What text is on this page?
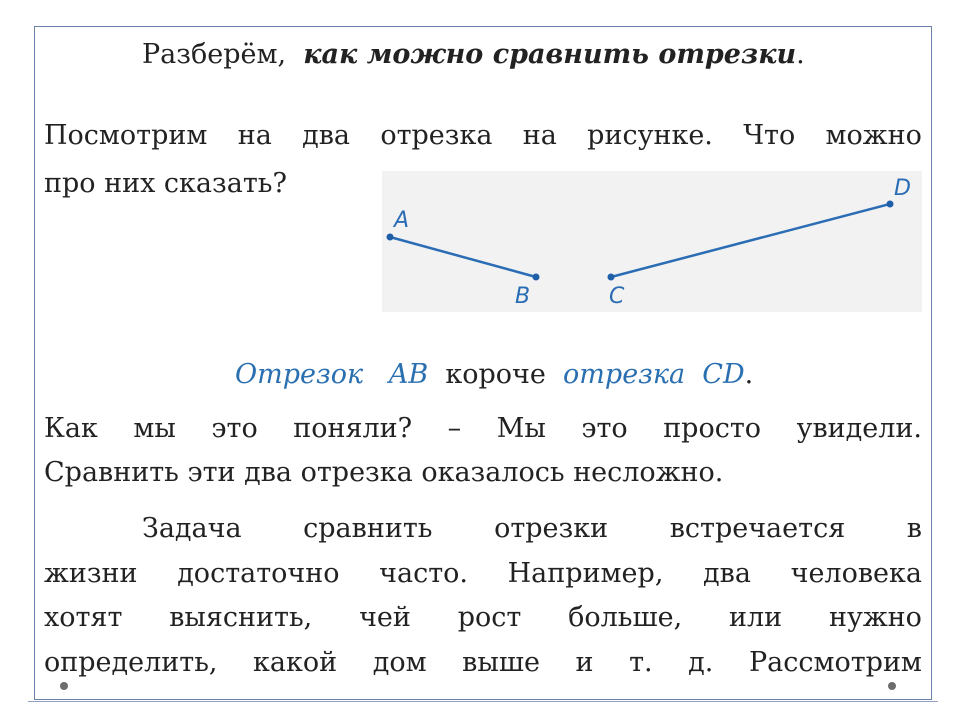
Разберём, как можно сравнить отрезки.
Посмотрим на два отрезка на рисунке. Что можно
про них сказать?
A
B	C
D
Отрезок AB короче отрезка CD.
Как мы это поняли? – Мы это просто увидели.
Сравнить эти два отрезка оказалось несложно.
Задача сравнить отрезки встречается в
жизни достаточно часто. Например, два человека
хотят выяснить, чей рост больше, или нужно
определить, какой дом выше и т. д. Рассмотрим
